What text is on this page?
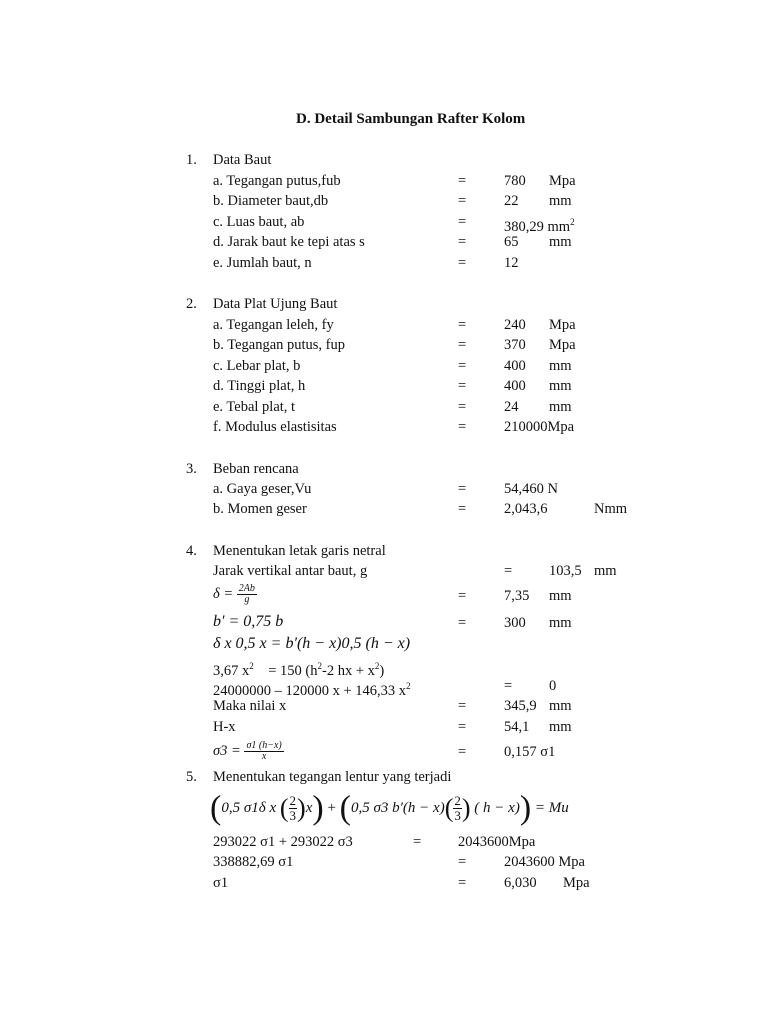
D. Detail Sambungan Rafter Kolom
1. Data Baut
a. Tegangan putus,fub	=	780 Mpa
b. Diameter baut,db	=	22 mm
c. Luas baut, ab	=	380,29 $mm^2$
d. Jarak baut ke tepi atas s	=	65 mm
e. Jumlah baut, n	=	12
2. Data Plat Ujung Baut
a. Tegangan leleh, fy	=	240 Mpa
b. Tegangan putus, fup	=	370 Mpa
c. Lebar plat, b	=	400 mm
d. Tinggi plat, h	=	400 mm
e. Tebal plat, t	=	24 mm
f. Modulus elastisitas	=	210000Mpa
3. Beban rencana
a. Gaya geser,Vu	=	54,460 N
b. Momen geser	=	2,043,6	Nmm
4. Menentukan letak garis netral
Jarak vertikal antar baut, g	=	103,5 mm
$\delta = \frac{2Ab}{g}$	=	7,35 mm
b′ = 0,75 b	=	300 mm
δ x 0,5 x = b′(h − x)0,5 (h − x)
3,67 $x^2$    = 150 ($h^2-2$ hx + $x^2$)
24000000 – 120000 x + 146,33 $x^2$	=	0
Maka nilai x	=	345,9 mm
H-x	=	54,1 mm
$\sigma 3 = \frac{\sigma 1 (h-x)}{x}$	=	0,157 σ1
5. Menentukan tegangan lentur yang terjadi
(0,5 σ1δ x ( $\frac{2}{3} )x) + (0,5$ σ3 $b'(h - x)( \frac{2}{3}$ ) ( h − x)) = Mu
293022 σ1 + 293022 σ3	=	2043600Mpa
338882,69 σ1	=	2043600 Mpa
σ1	=	6,030 Mpa
